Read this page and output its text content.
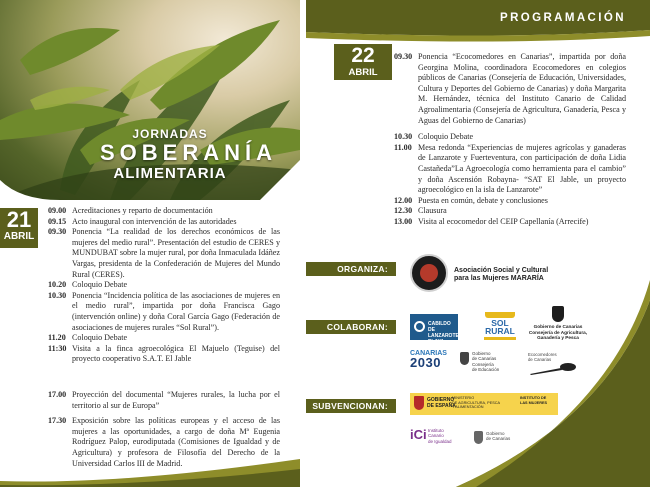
JORNADAS
SOBERANÍA
ALIMENTARIA
21
ABRIL
09.00 Acreditaciones y reparto de documentación
09.15 Acto inaugural con intervención de las autoridades
09.30 Ponencia “La realidad de los derechos económicos de las mujeres del medio rural”. Presentación del estudio de CERES y MUNDUBAT sobre la mujer rural, por doña Inmaculada Idáñez Vargas, presidenta de la Confederación de Mujeres del Mundo Rural (CERES).
10.20 Coloquio Debate
10.30 Ponencia “Incidencia política de las asociaciones de mujeres en el medio rural”, impartida por doña Francisca Gago (intervención online) y doña Coral García Gago (Federación de asociaciones de mujeres rurales “Sol Rural”).
11.20 Coloquio Debate
11:30 Visita a la finca agroecológica El Majuelo (Teguise) del proyecto cooperativo S.A.T. El Jable
17.00 Proyección del documental “Mujeres rurales, la lucha por el territorio al sur de Europa”
17.30 Exposición sobre las políticas europeas y el acceso de las mujeres a las oportunidades, a cargo de doña Mª Eugenia Rodríguez Palop, eurodiputada (Comisiones de Igualdad y de Agricultura) y profesora de Filosofía del Derecho de la Universidad Carlos III de Madrid.
PROGRAMACIÓN
22
ABRIL
09.30 Ponencia “Ecocomedores en Canarias”, impartida por doña Georgina Molina, coordinadora Ecocomedores en colegios públicos de Canarias (Consejería de Educación, Universidades, Cultura y Deportes del Gobierno de Canarias) y doña Margarita M. Hernández, técnica del Instituto Canario de Calidad Agroalimentaria (Consejería de Agricultura, Ganadería, Pesca y Aguas del Gobierno de Canarias)
10.30 Coloquio Debate
11.00 Mesa redonda “Experiencias de mujeres agrícolas y ganaderas de Lanzarote y Fuerteventura, con participación de doña Lidia Castañeda”La Agroecología como herramienta para el cambio” y doña Ascensión Robayna- “SAT El Jable, un proyecto agroecológico en la isla de Lanzarote”
12.00 Puesta en común, debate y conclusiones
12.30 Clausura
13.00 Visita al ecocomedor del CEIP Capellanía (Arrecife)
ORGANIZA:	Asociación Social y Cultural
para las Mujeres MARARÍA
COLABORAN:	CABILDO DE
LANZAROTE
PLAYA
SOL
RURAL	Gobierno de Canarias
Consejería de Agricultura,
Ganadería y Pesca
CANARIAS
2030
Gobierno
de Canarias
Consejería
de Educación
Ecocomedores
de Canarias
SUBVENCIONAN:
GOBIERNO
DE ESPAÑA
MINISTERIO
DE AGRICULTURA, PESCA
Y ALIMENTACIÓN
INSTITUTO DE
LAS MUJERES
iCi Instituto
Canario
de Igualdad
Gobierno
de Canarias
